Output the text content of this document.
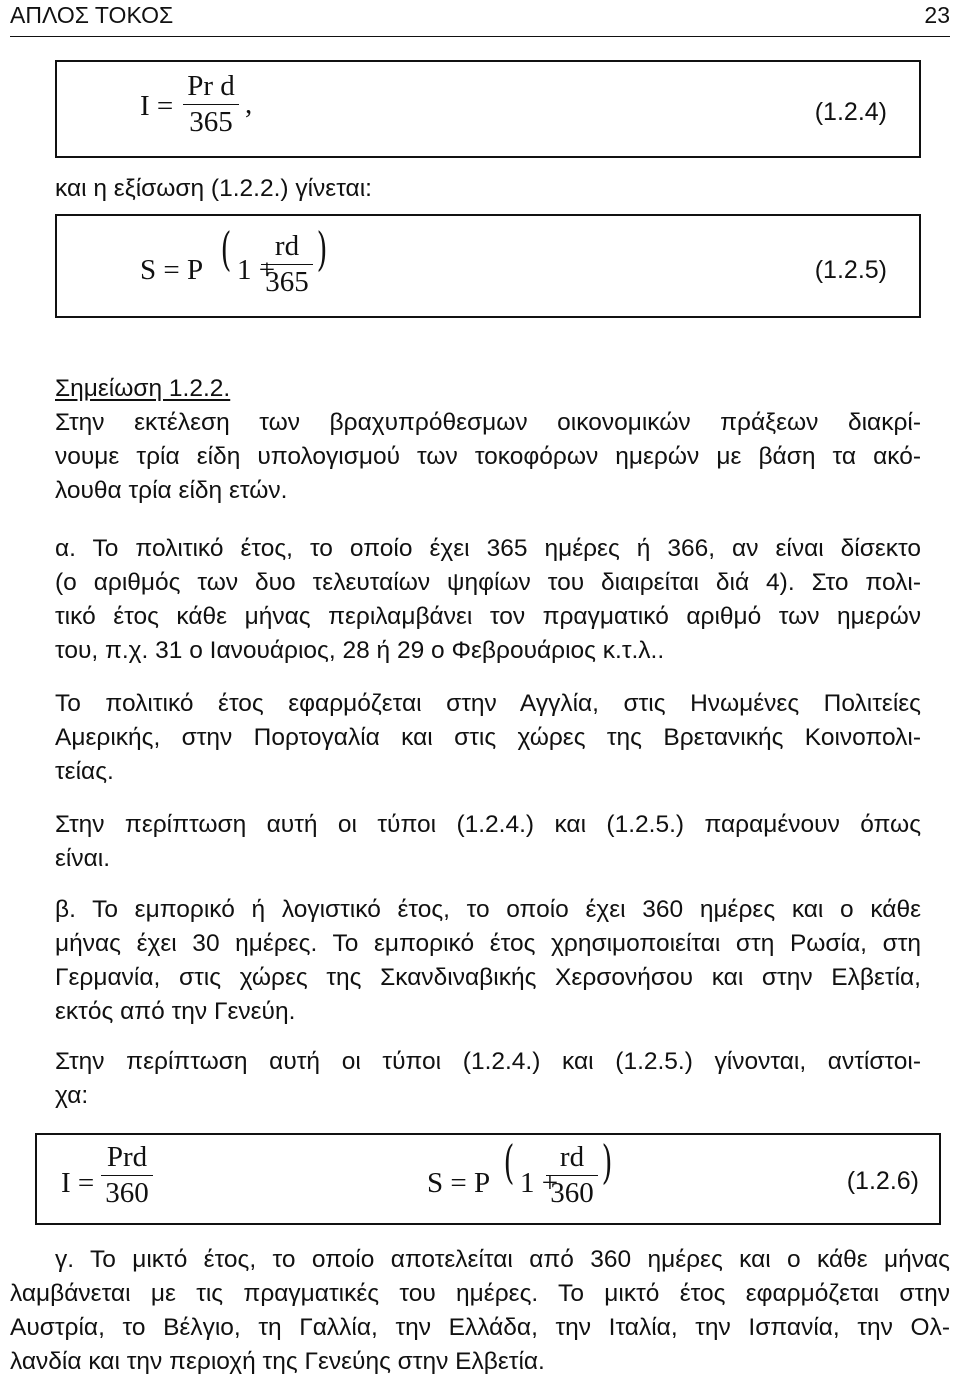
ΑΠΛΟΣ ΤΟΚΟΣ	23
I =
Pr d
365
,	(1.2.4)
και η εξίσωση (1.2.2.) γίνεται:
S = P ( 1 +
rd
365
)	(1.2.5)
Σημείωση 1.2.2.
Στην εκτέλεση των βραχυπρόθεσμων οικονομικών πράξεων διακρί-
νουμε τρία είδη υπολογισμού των τοκοφόρων ημερών με βάση τα ακό-
λουθα τρία είδη ετών.
α. Το πολιτικό έτος, το οποίο έχει 365 ημέρες ή 366, αν είναι δίσεκτο
(ο αριθμός των δυο τελευταίων ψηφίων του διαιρείται διά 4). Στο πολι-
τικό έτος κάθε μήνας περιλαμβάνει τον πραγματικό αριθμό των ημερών
του, π.χ. 31 ο Ιανουάριος, 28 ή 29 ο Φεβρουάριος κ.τ.λ..
Το πολιτικό έτος εφαρμόζεται στην Αγγλία, στις Ηνωμένες Πολιτείες
Αμερικής, στην Πορτογαλία και στις χώρες της Βρετανικής Κοινοπολι-
τείας.
Στην περίπτωση αυτή οι τύποι (1.2.4.) και (1.2.5.) παραμένουν όπως
είναι.
β. Το εμπορικό ή λογιστικό έτος, το οποίο έχει 360 ημέρες και ο κάθε
μήνας έχει 30 ημέρες. Το εμπορικό έτος χρησιμοποιείται στη Ρωσία, στη
Γερμανία, στις χώρες της Σκανδιναβικής Χερσονήσου και στην Ελβετία,
εκτός από την Γενεύη.
Στην περίπτωση αυτή οι τύποι (1.2.4.) και (1.2.5.) γίνονται, αντίστοι-
χα:
I =
Prd
360	S = P ( 1 +
rd
360
)	(1.2.6)
γ. Το μικτό έτος, το οποίο αποτελείται από 360 ημέρες και ο κάθε μήνας
λαμβάνεται με τις πραγματικές του ημέρες. Το μικτό έτος εφαρμόζεται στην
Αυστρία, το Βέλγιο, τη Γαλλία, την Ελλάδα, την Ιταλία, την Ισπανία, την Ολ-
λανδία και την περιοχή της Γενεύης στην Ελβετία.
